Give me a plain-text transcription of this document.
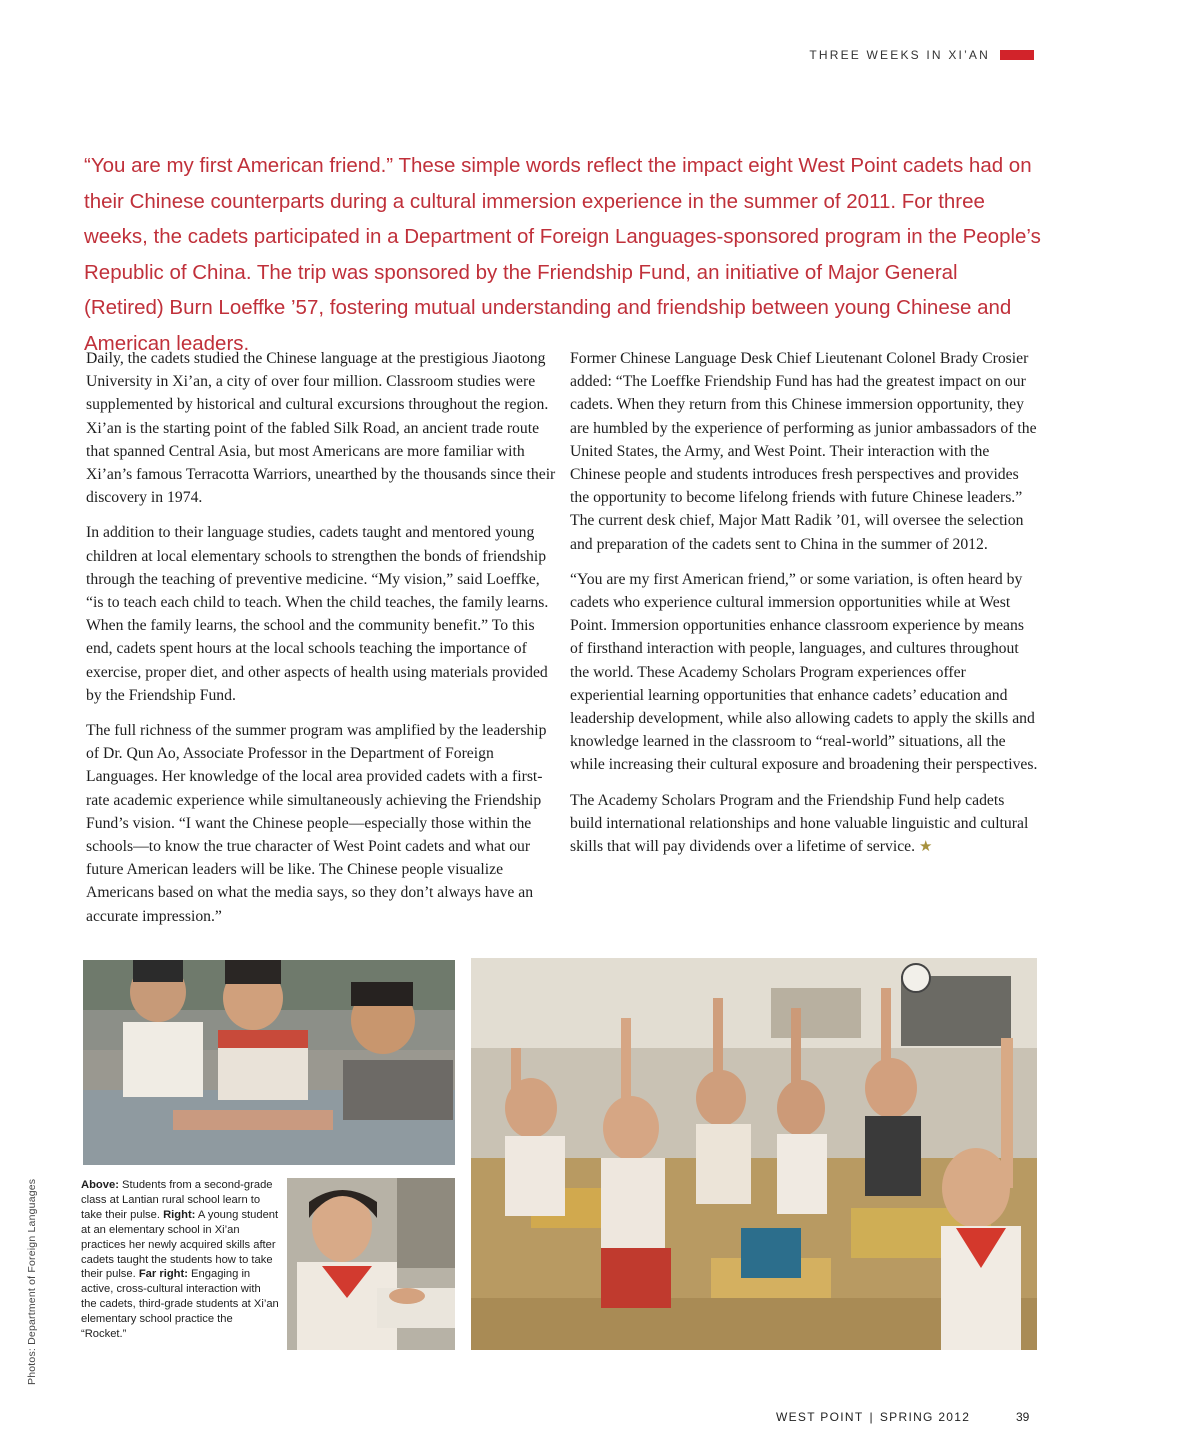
THREE WEEKS IN XI’AN

“You are my first American friend.” These simple words reflect the impact eight West Point cadets had on their Chinese counterparts during a cultural immersion experience in the summer of 2011. For three weeks, the cadets participated in a Department of Foreign Languages-sponsored program in the People’s Republic of China. The trip was sponsored by the Friendship Fund, an initiative of Major General (Retired) Burn Loeffke ’57, fostering mutual understanding and friendship between young Chinese and American leaders.

Daily, the cadets studied the Chinese language at the prestigious Jiaotong University in Xi’an, a city of over four million. Classroom studies were supplemented by historical and cultural excursions throughout the region. Xi’an is the starting point of the fabled Silk Road, an ancient trade route that spanned Central Asia, but most Americans are more familiar with Xi’an’s famous Terracotta Warriors, unearthed by the thousands since their discovery in 1974.

In addition to their language studies, cadets taught and mentored young children at local elementary schools to strengthen the bonds of friendship through the teaching of preventive medicine. “My vision,” said Loeffke, “is to teach each child to teach. When the child teaches, the family learns. When the family learns, the school and the community benefit.” To this end, cadets spent hours at the local schools teaching the importance of exercise, proper diet, and other aspects of health using materials provided by the Friendship Fund.

The full richness of the summer program was amplified by the leadership of Dr. Qun Ao, Associate Professor in the Department of Foreign Languages. Her knowledge of the local area provided cadets with a first-rate academic experience while simultaneously achieving the Friendship Fund’s vision. “I want the Chinese people—especially those within the schools—to know the true character of West Point cadets and what our future American leaders will be like. The Chinese people visualize Americans based on what the media says, so they don’t always have an accurate impression.”

Former Chinese Language Desk Chief Lieutenant Colonel Brady Crosier added: “The Loeffke Friendship Fund has had the greatest impact on our cadets. When they return from this Chinese immersion opportunity, they are humbled by the experience of performing as junior ambassadors of the United States, the Army, and West Point. Their interaction with the Chinese people and students introduces fresh perspectives and provides the opportunity to become lifelong friends with future Chinese leaders.” The current desk chief, Major Matt Radik ’01, will oversee the selection and preparation of the cadets sent to China in the summer of 2012.

“You are my first American friend,” or some variation, is often heard by cadets who experience cultural immersion opportunities while at West Point. Immersion opportunities enhance classroom experience by means of firsthand interaction with people, languages, and cultures throughout the world. These Academy Scholars Program experiences offer experiential learning opportunities that enhance cadets’ education and leadership development, while also allowing cadets to apply the skills and knowledge learned in the classroom to “real-world” situations, all the while increasing their cultural exposure and broadening their perspectives.

The Academy Scholars Program and the Friendship Fund help cadets build international relationships and hone valuable linguistic and cultural skills that will pay dividends over a lifetime of service. ★

Above: Students from a second-grade class at Lantian rural school learn to take their pulse. Right: A young student at an elementary school in Xi’an practices her newly acquired skills after cadets taught the students how to take their pulse. Far right: Engaging in active, cross-cultural interaction with the cadets, third-grade students at Xi’an elementary school practice the “Rocket.”

Photos: Department of Foreign Languages
WEST POINT | SPRING 2012	39
